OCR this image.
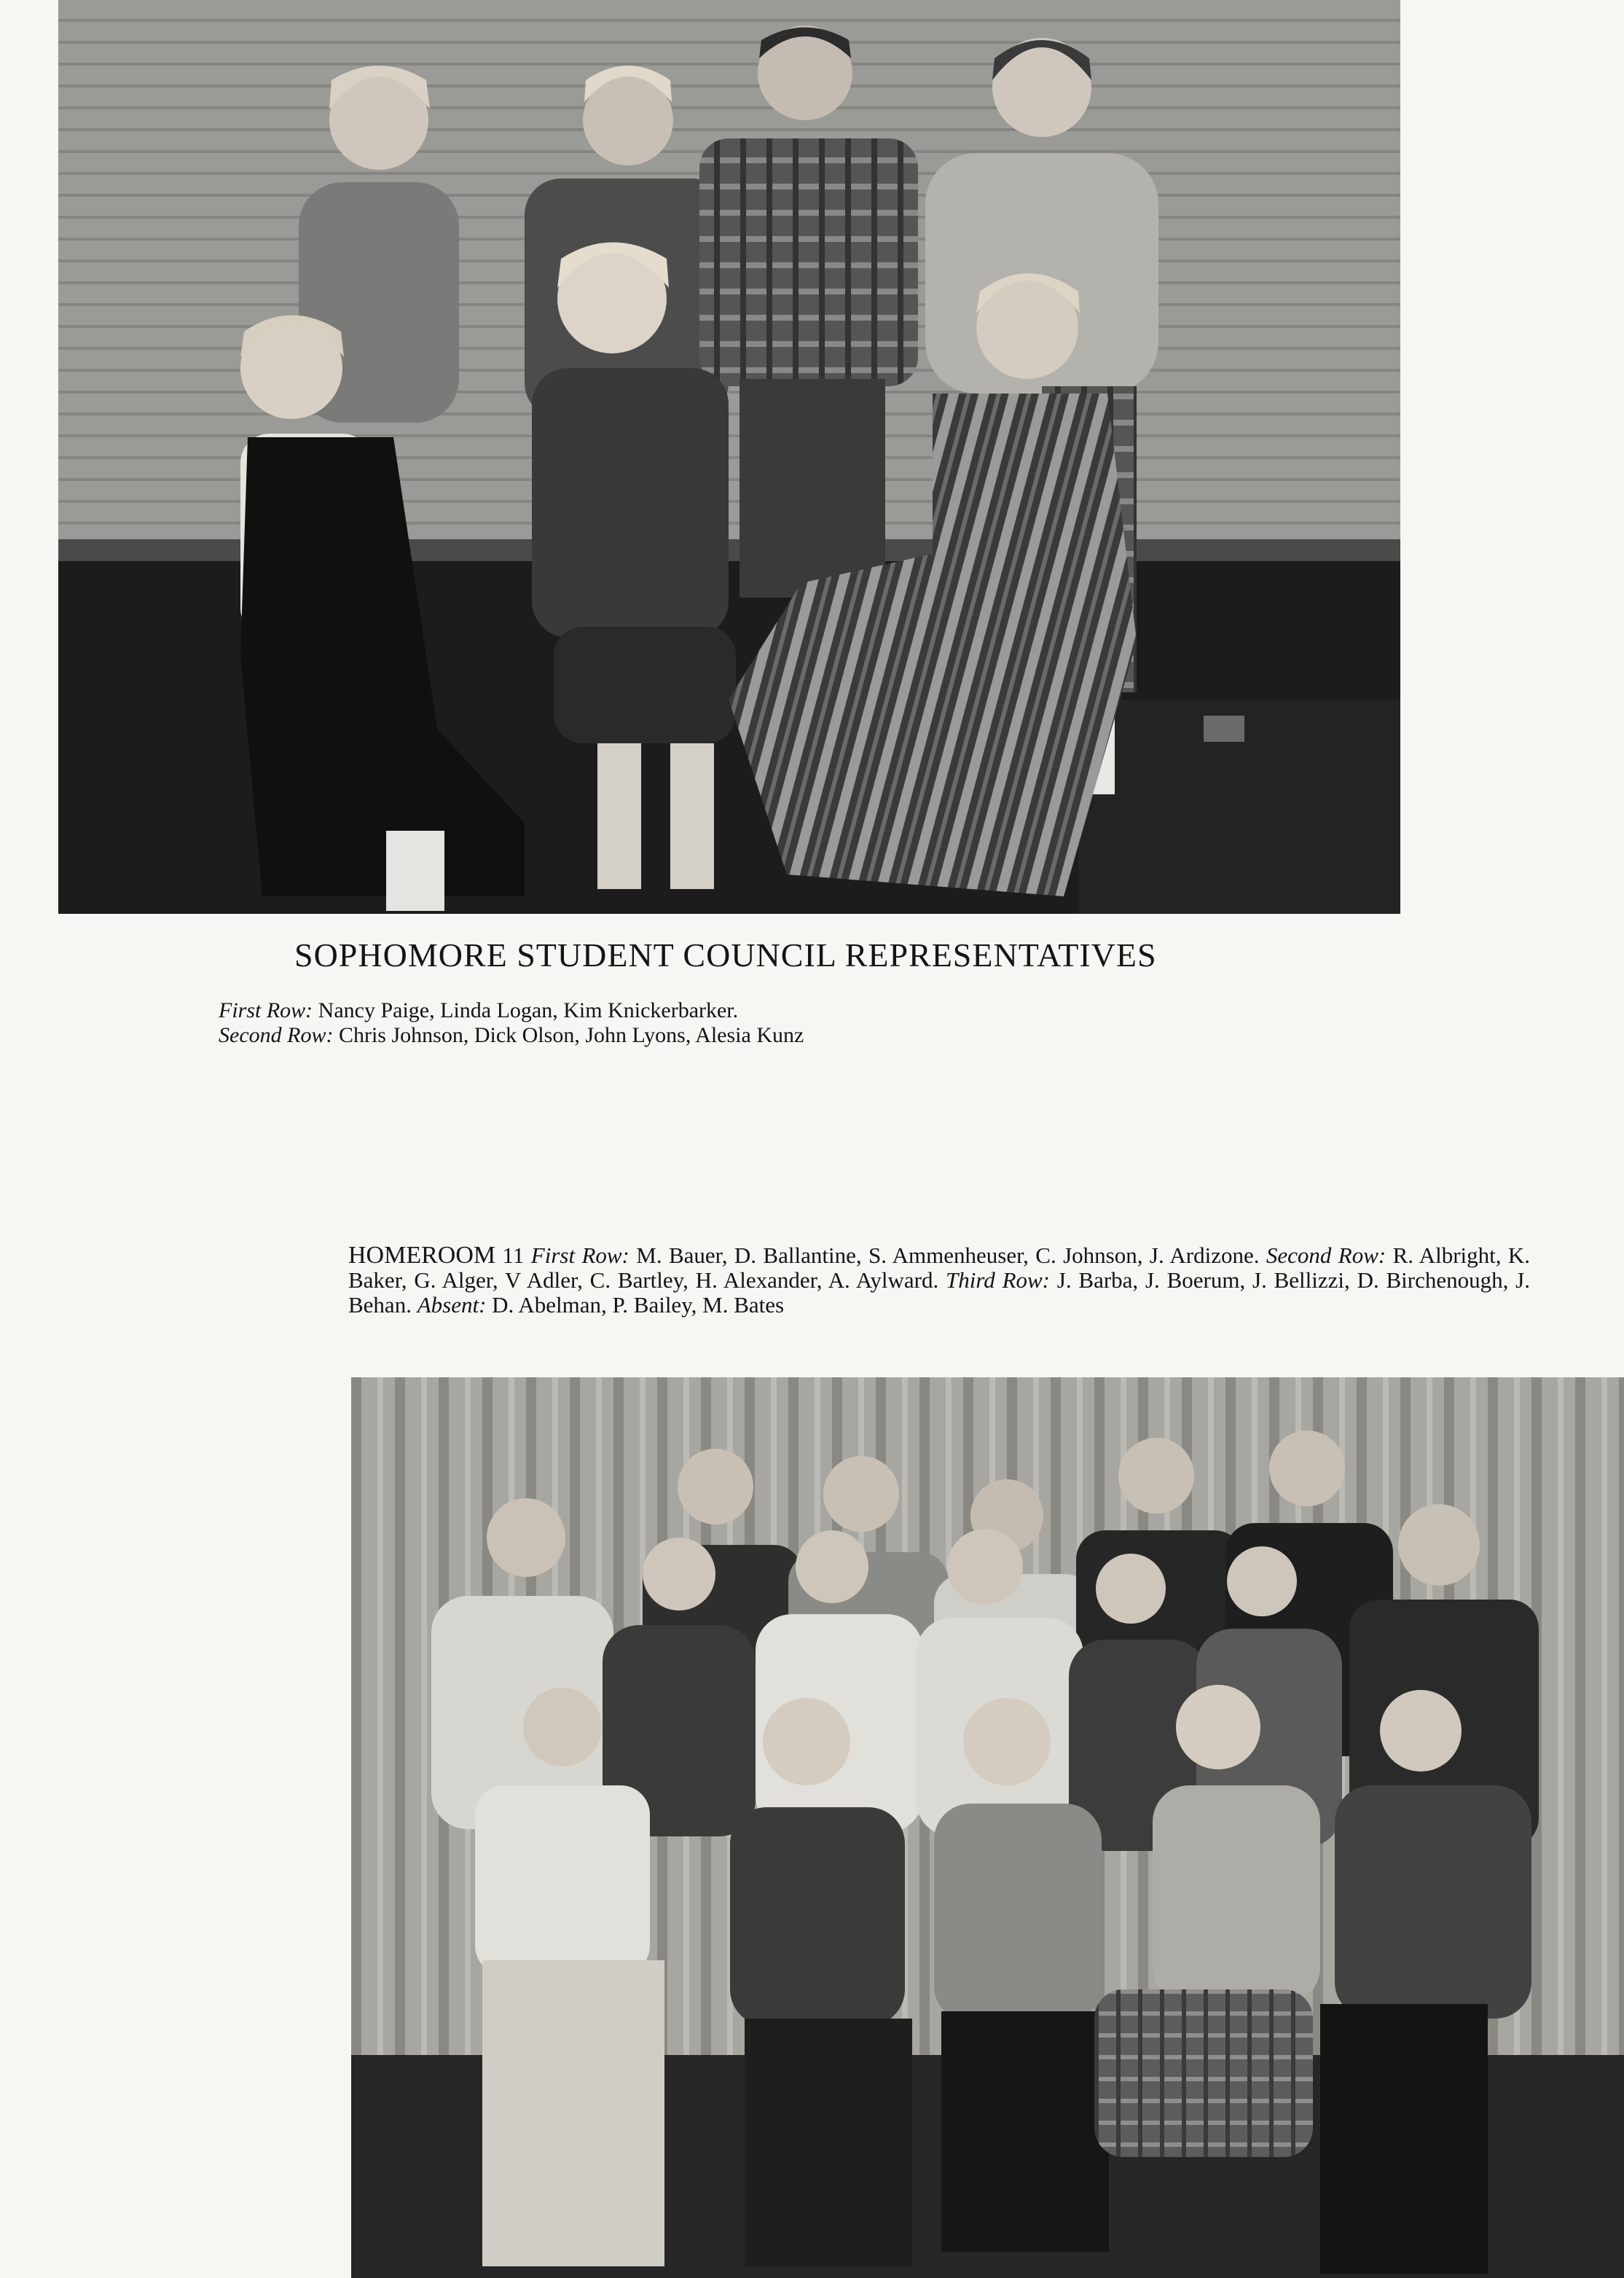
SOPHOMORE STUDENT COUNCIL REPRESENTATIVES
First Row: Nancy Paige, Linda Logan, Kim Knickerbarker.
Second Row: Chris Johnson, Dick Olson, John Lyons, Alesia Kunz
HOMEROOM 11 First Row: M. Bauer, D. Ballantine, S. Ammenheuser, C. Johnson, J. Ardizone. Second Row: R. Albright, K. Baker, G. Alger, V Adler, C. Bartley, H. Alexander, A. Aylward. Third Row: J. Barba, J. Boerum, J. Bellizzi, D. Birchenough, J. Behan. Absent: D. Abelman, P. Bailey, M. Bates
